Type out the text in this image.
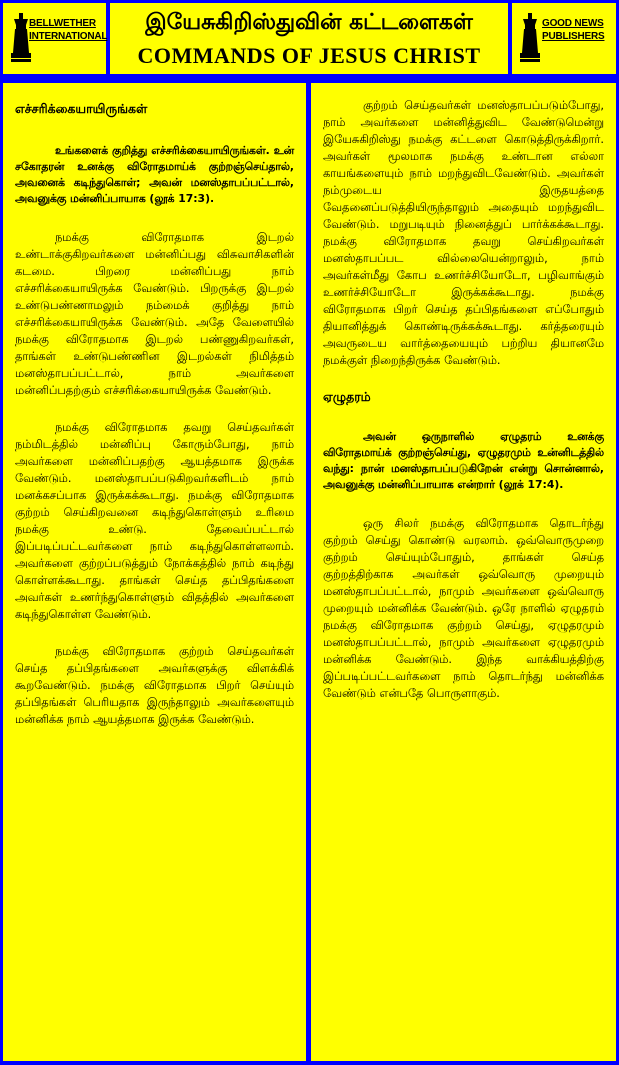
BELLWETHER
INTERNATIONAL
இயேசுகிறிஸ்துவின் கட்டளைகள்
COMMANDS OF JESUS CHRIST
GOOD NEWS
PUBLISHERS
எச்சரிக்கையாயிருங்கள்

உங்களைக் குறித்து எச்சரிக்கையாயிருங்கள். உன் சகோதரன் உனக்கு விரோதமாய்க் குற்றஞ்செய்தால், அவனைக் கடிந்துகொள்; அவன் மனஸ்தாபப்பட்டால், அவனுக்கு மன்னிப்பாயாக (லூக் 17:3).

நமக்கு விரோதமாக இடறல் உண்டாக்குகிறவர்களை மன்னிப்பது விசுவாசிகளின் கடமை. பிறரை மன்னிப்பது நாம் எச்சரிக்கையாயிருக்க வேண்டும். பிறருக்கு இடறல் உண்டுபண்ணாமலும் நம்மைக் குறித்து நாம் எச்சரிக்கையாயிருக்க வேண்டும். அதே வேளையில் நமக்கு விரோதமாக இடறல் பண்ணுகிறவர்கள், தாங்கள் உண்டுபண்ணின இடறல்கள் நிமித்தம் மனஸ்தாபப்பட்டால், நாம் அவர்களை மன்னிப்பதற்கும் எச்சரிக்கையாயிருக்க வேண்டும்.

நமக்கு விரோதமாக தவறு செய்தவர்கள் நம்மிடத்தில் மன்னிப்பு கோரும்போது, நாம் அவர்களை மன்னிப்பதற்கு ஆயத்தமாக இருக்க வேண்டும். மனஸ்தாபப்படுகிறவர்களிடம் நாம் மனக்கசப்பாக இருக்கக்கூடாது. நமக்கு விரோதமாக குற்றம் செய்கிறவனை கடிந்துகொள்ளும் உரிமை நமக்கு உண்டு. தேவைப்பட்டால் இப்படிப்பட்டவர்களை நாம் கடிந்துகொள்ளலாம். அவர்களை குற்றப்படுத்தும் நோக்கத்தில் நாம் கடிந்து கொள்ளக்கூடாது. தாங்கள் செய்த தப்பிதங்களை அவர்கள் உணர்ந்துகொள்ளும் விதத்தில் அவர்களை கடிந்துகொள்ள வேண்டும்.

நமக்கு விரோதமாக குற்றம் செய்தவர்கள் செய்த தப்பிதங்களை அவர்களுக்கு விளக்கிக் கூறவேண்டும். நமக்கு விரோதமாக பிறர் செய்யும் தப்பிதங்கள் பெரியதாக இருந்தாலும் அவர்களையும் மன்னிக்க நாம் ஆயத்தமாக இருக்க வேண்டும்.

குற்றம் செய்தவர்கள் மனஸ்தாபப்படும்போது, நாம் அவர்களை மன்னித்துவிட வேண்டுமென்று இயேசுகிறிஸ்து நமக்கு கட்டளை கொடுத்திருக்கிறார். அவர்கள் மூலமாக நமக்கு உண்டான எல்லா காயங்களையும் நாம் மறந்துவிடவேண்டும். அவர்கள் நம்முடைய இருதயத்தை வேதனைப்படுத்தியிருந்தாலும் அதையும் மறந்துவிட வேண்டும். மறுபடியும் நினைத்துப் பார்க்கக்கூடாது. நமக்கு விரோதமாக தவறு செய்கிறவர்கள் மனஸ்தாபப்பட வில்லையென்றாலும், நாம் அவர்கள்மீது கோப உணர்ச்சியோடோ, பழிவாங்கும் உணர்ச்சியோடோ இருக்கக்கூடாது. நமக்கு விரோதமாக பிறர் செய்த தப்பிதங்களை எப்போதும் தியானித்துக் கொண்டிருக்கக்கூடாது. கர்த்தரையும் அவருடைய வார்த்தையையும் பற்றிய தியானமே நமக்குள் நிறைந்திருக்க வேண்டும்.

ஏழுதரம்

அவன் ஒருநாளில் ஏழுதரம் உனக்கு விரோதமாய்க் குற்றஞ்செய்து, ஏழுதரமும் உன்னிடத்தில் வந்து: நான் மனஸ்தாபப்படுகிறேன் என்று சொன்னால், அவனுக்கு மன்னிப்பாயாக என்றார் (லூக் 17:4).

ஒரு சிலர் நமக்கு விரோதமாக தொடர்ந்து குற்றம் செய்து கொண்டு வரலாம். ஒவ்வொருமுறை குற்றம் செய்யும்போதும், தாங்கள் செய்த குற்றத்திற்காக அவர்கள் ஒவ்வொரு முறையும் மனஸ்தாபப்பட்டால், நாமும் அவர்களை ஒவ்வொரு முறையும் மன்னிக்க வேண்டும். ஒரே நாளில் ஏழுதரம் நமக்கு விரோதமாக குற்றம் செய்து, ஏழுதரமும் மனஸ்தாபப்பட்டால், நாமும் அவர்களை ஏழுதரமும் மன்னிக்க வேண்டும். இந்த வாக்கியத்திற்கு இப்படிப்பட்டவர்களை நாம் தொடர்ந்து மன்னிக்க வேண்டும் என்பதே பொருளாகும்.
